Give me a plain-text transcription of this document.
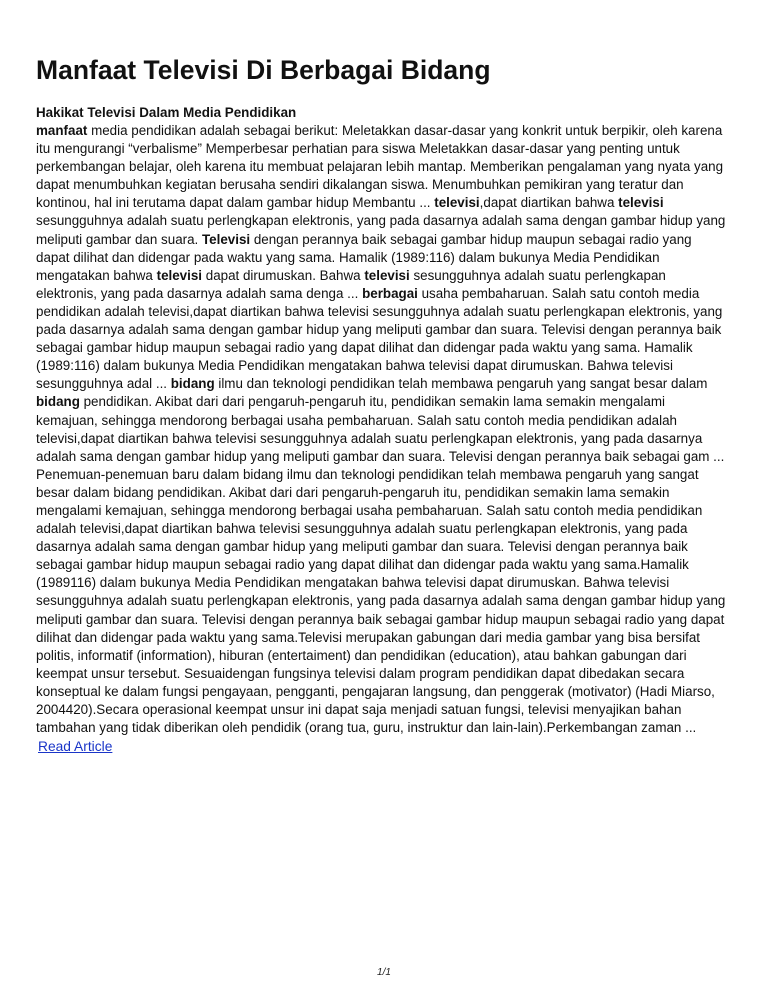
Manfaat Televisi Di Berbagai Bidang
Hakikat Televisi Dalam Media Pendidikan

manfaat media pendidikan adalah sebagai berikut: Meletakkan dasar-dasar yang konkrit untuk berpikir, oleh karena itu mengurangi “verbalisme” Memperbesar perhatian para siswa Meletakkan dasar-dasar yang penting untuk perkembangan belajar, oleh karena itu membuat pelajaran lebih mantap. Memberikan pengalaman yang nyata yang dapat menumbuhkan kegiatan berusaha sendiri dikalangan siswa. Menumbuhkan pemikiran yang teratur dan kontinou, hal ini terutama dapat dalam gambar hidup Membantu ... televisi,dapat diartikan bahwa televisi sesungguhnya adalah suatu perlengkapan elektronis, yang pada dasarnya adalah sama dengan gambar hidup yang meliputi gambar dan suara. Televisi dengan perannya baik sebagai gambar hidup maupun sebagai radio yang dapat dilihat dan didengar pada waktu yang sama. Hamalik (1989:116) dalam bukunya Media Pendidikan mengatakan bahwa televisi dapat dirumuskan. Bahwa televisi sesungguhnya adalah suatu perlengkapan elektronis, yang pada dasarnya adalah sama denga ... berbagai usaha pembaharuan. Salah satu contoh media pendidikan adalah televisi,dapat diartikan bahwa televisi sesungguhnya adalah suatu perlengkapan elektronis, yang pada dasarnya adalah sama dengan gambar hidup yang meliputi gambar dan suara. Televisi dengan perannya baik sebagai gambar hidup maupun sebagai radio yang dapat dilihat dan didengar pada waktu yang sama. Hamalik (1989:116) dalam bukunya Media Pendidikan mengatakan bahwa televisi dapat dirumuskan. Bahwa televisi sesungguhnya adal ... bidang ilmu dan teknologi pendidikan telah membawa pengaruh yang sangat besar dalam bidang pendidikan. Akibat dari dari pengaruh-pengaruh itu, pendidikan semakin lama semakin mengalami kemajuan, sehingga mendorong berbagai usaha pembaharuan. Salah satu contoh media pendidikan adalah televisi,dapat diartikan bahwa televisi sesungguhnya adalah suatu perlengkapan elektronis, yang pada dasarnya adalah sama dengan gambar hidup yang meliputi gambar dan suara. Televisi dengan perannya baik sebagai gam ...

Penemuan-penemuan baru dalam bidang ilmu dan teknologi pendidikan telah membawa pengaruh yang sangat besar dalam bidang pendidikan. Akibat dari dari pengaruh-pengaruh itu, pendidikan semakin lama semakin mengalami kemajuan, sehingga mendorong berbagai usaha pembaharuan. Salah satu contoh media pendidikan adalah televisi,dapat diartikan bahwa televisi sesungguhnya adalah suatu perlengkapan elektronis, yang pada dasarnya adalah sama dengan gambar hidup yang meliputi gambar dan suara. Televisi dengan perannya baik sebagai gambar hidup maupun sebagai radio yang dapat dilihat dan didengar pada waktu yang sama.Hamalik (1989116) dalam bukunya Media Pendidikan mengatakan bahwa televisi dapat dirumuskan. Bahwa televisi sesungguhnya adalah suatu perlengkapan elektronis, yang pada dasarnya adalah sama dengan gambar hidup yang meliputi gambar dan suara. Televisi dengan perannya baik sebagai gambar hidup maupun sebagai radio yang dapat dilihat dan didengar pada waktu yang sama.Televisi merupakan gabungan dari media gambar yang bisa bersifat politis, informatif (information), hiburan (entertaiment) dan pendidikan (education), atau bahkan gabungan dari keempat unsur tersebut. Sesuaidengan fungsinya televisi dalam program pendidikan dapat dibedakan secara konseptual ke dalam fungsi pengayaan, pengganti, pengajaran langsung, dan penggerak (motivator) (Hadi Miarso, 2004420).Secara operasional keempat unsur ini dapat saja menjadi satuan fungsi, televisi menyajikan bahan tambahan yang tidak diberikan oleh pendidik (orang tua, guru, instruktur dan lain-lain).Perkembangan zaman ...

Read Article
1/1
